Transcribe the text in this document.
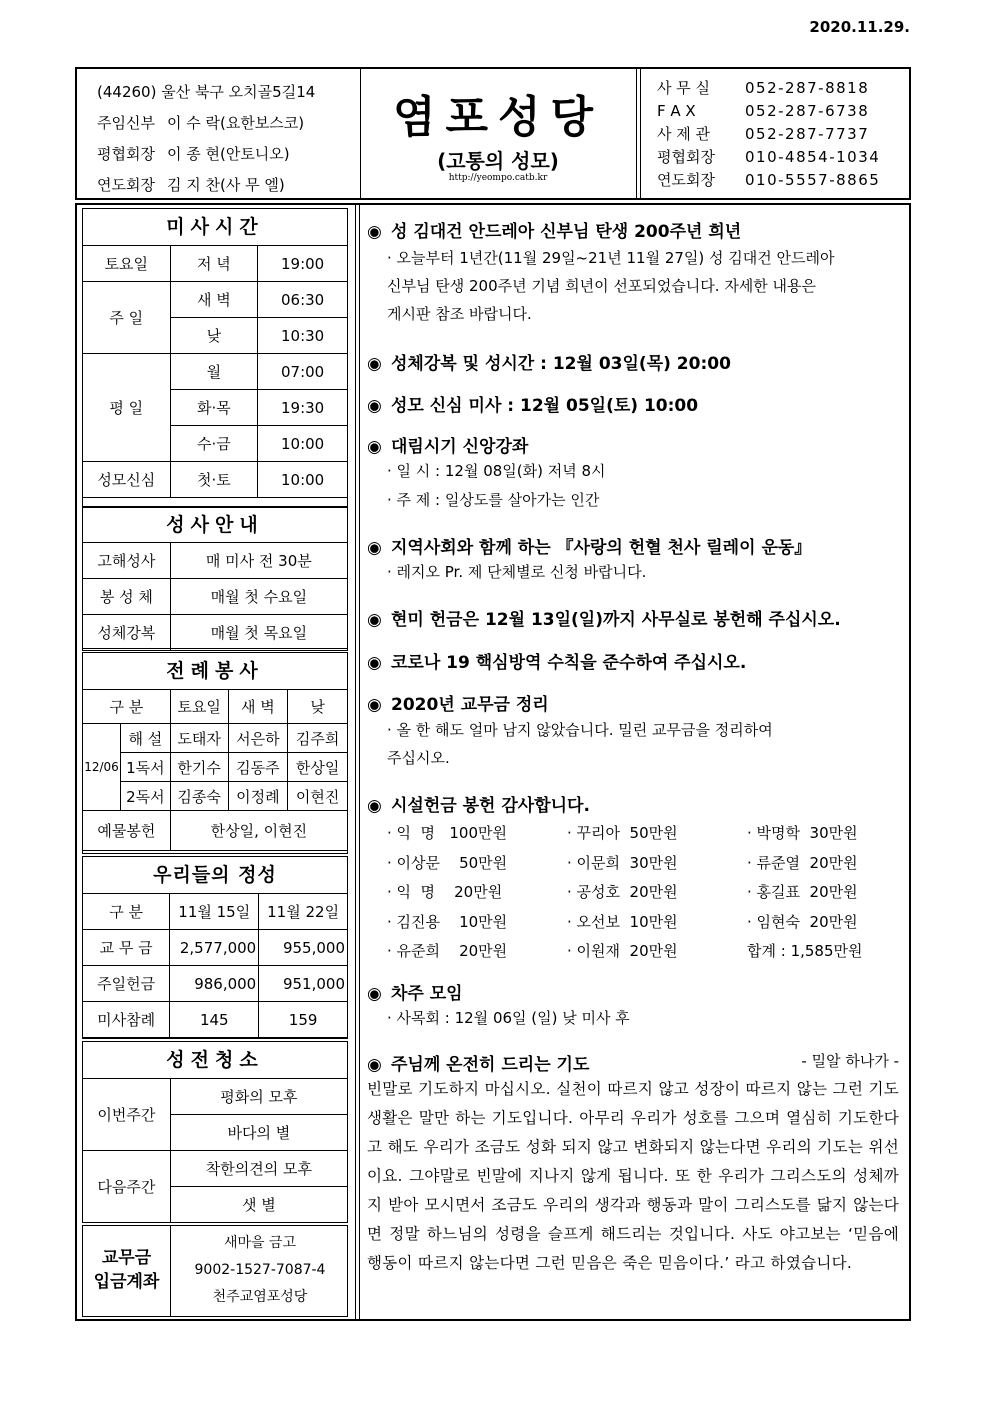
2020.11.29.
(44260) 울산 북구 오치골5길14
주임신부 이 수 락(요한보스코)
평협회장 이 종 현(안토니오)
연도회장 김 지 찬(사 무 엘)
염포성당
(고통의 성모)
http://yeompo.catb.kr
사 무 실 052-287-8818
F A X	052-287-6738
사 제 관 052-287-7737
평협회장 010-4854-1034
연도회장 010-5557-8865
미사시간
토요일	저 녁	19:00
주 일	새 벽	06:30
	낮	10:30
평 일	월	07:00
	화·목	19:30
	수·금	10:00
성모신심	첫·토	10:00
성사안내
고해성사	매 미사 전 30분
봉 성 체	매월 첫 수요일
성체강복	매월 첫 목요일
전례봉사
구 분		토요일	새 벽	낮
12/06	해 설	도태자	서은하	김주희
	1독서	한기수	김동주	한상일
	2독서	김종숙	이정례	이현진
예물봉헌		한상일, 이현진		
우리들의 정성
구 분	11월 15일	11월 22일
교 무 금	2,577,000	955,000
주일헌금	986,000	951,000
미사참례	145	159
성전청소
이번주간	평화의 모후
	바다의 별
다음주간	착한의견의 모후
	샛 별
교무금
입금계좌
새마을 금고
9002-1527-7087-4
천주교염포성당
◉ 성 김대건 안드레아 신부님 탄생 200주년 희년
· 오늘부터 1년간(11월 29일~21년 11월 27일) 성 김대건 안드레아
신부님 탄생 200주년 기념 희년이 선포되었습니다. 자세한 내용은
게시판 참조 바랍니다.
◉ 성체강복 및 성시간 : 12월 03일(목) 20:00
◉ 성모 신심 미사 : 12월 05일(토) 10:00
◉ 대림시기 신앙강좌
· 일 시 : 12월 08일(화) 저녁 8시
· 주 제 : 일상도를 살아가는 인간
◉ 지역사회와 함께 하는 『사랑의 헌혈 천사 릴레이 운동』
· 레지오 Pr. 제 단체별로 신청 바랍니다.
◉ 현미 헌금은 12월 13일(일)까지 사무실로 봉헌해 주십시오.
◉ 코로나 19 핵심방역 수칙을 준수하여 주십시오.
◉ 2020년 교무금 정리
· 올 한 해도 얼마 남지 않았습니다. 밀린 교무금을 정리하여
주십시오.
◉ 시설헌금 봉헌 감사합니다.
· 익  명   100만원	· 꾸리아  50만원	· 박명학  30만원
· 이상문    50만원	· 이문희  30만원	· 류준열  20만원
· 익  명    20만원	· 공성호  20만원	· 홍길표  20만원
· 김진용    10만원	· 오선보  10만원	· 임현숙  20만원
· 유준희    20만원	· 이원재  20만원	합계 : 1,585만원
◉ 차주 모임
· 사목회 : 12월 06일 (일) 낮 미사 후
◉ 주님께 온전히 드리는 기도	- 밀알 하나가 -
빈말로 기도하지 마십시오. 실천이 따르지 않고 성장이 따르지 않는 그런 기도 생활은 말만 하는 기도입니다. 아무리 우리가 성호를 그으며 열심히 기도한다고 해도 우리가 조금도 성화 되지 않고 변화되지 않는다면 우리의 기도는 위선이요. 그야말로 빈말에 지나지 않게 됩니다. 또 한 우리가 그리스도의 성체까지 받아 모시면서 조금도 우리의 생각과 행동과 말이 그리스도를 닮지 않는다면 정말 하느님의 성령을 슬프게 해드리는 것입니다. 사도 야고보는 ‘믿음에 행동이 따르지 않는다면 그런 믿음은 죽은 믿음이다.’ 라고 하였습니다.
